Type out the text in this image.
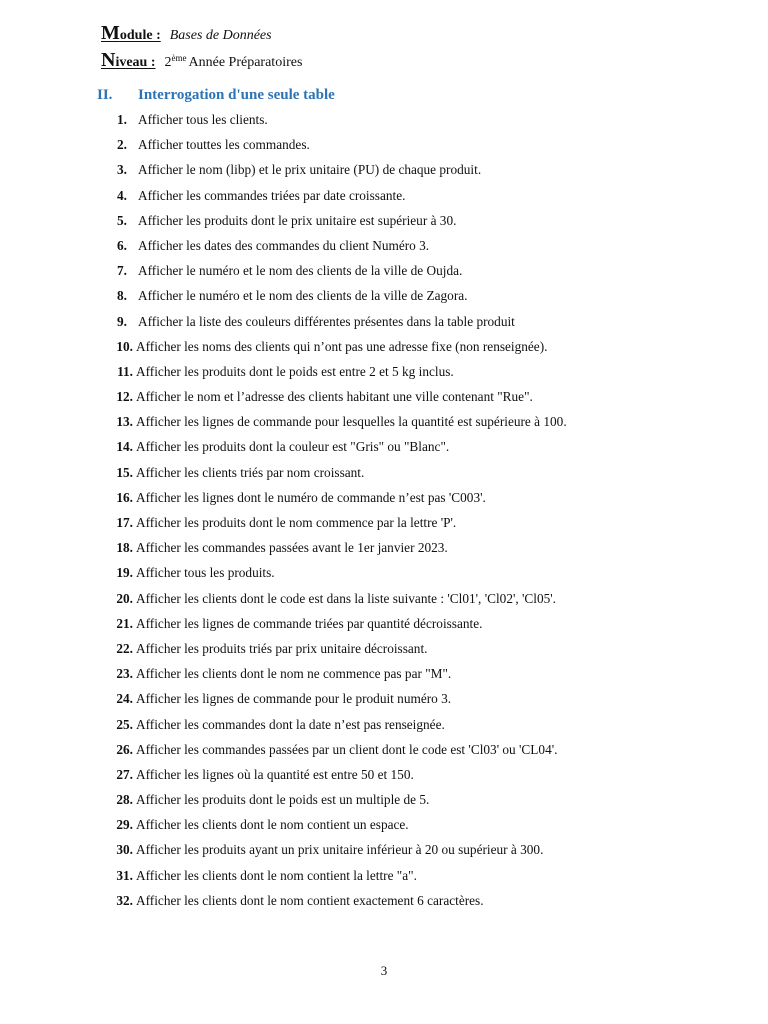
Module : Bases de Données
Niveau : 2ème Année Préparatoires
II.	Interrogation d'une seule table
1. Afficher tous les clients.
2. Afficher touttes les commandes.
3. Afficher le nom (libp) et le prix unitaire (PU) de chaque produit.
4. Afficher les commandes triées par date croissante.
5. Afficher les produits dont le prix unitaire est supérieur à 30.
6. Afficher les dates des commandes du client Numéro 3.
7. Afficher le numéro et le nom des clients de la ville de Oujda.
8. Afficher le numéro et le nom des clients de la ville de Zagora.
9. Afficher la liste des couleurs différentes présentes dans la table produit
10. Afficher les noms des clients qui n’ont pas une adresse fixe (non renseignée).
11. Afficher les produits dont le poids est entre 2 et 5 kg inclus.
12. Afficher le nom et l’adresse des clients habitant une ville contenant "Rue".
13. Afficher les lignes de commande pour lesquelles la quantité est supérieure à 100.
14. Afficher les produits dont la couleur est "Gris" ou "Blanc".
15. Afficher les clients triés par nom croissant.
16. Afficher les lignes dont le numéro de commande n’est pas 'C003'.
17. Afficher les produits dont le nom commence par la lettre 'P'.
18. Afficher les commandes passées avant le 1er janvier 2023.
19. Afficher tous les produits.
20. Afficher les clients dont le code est dans la liste suivante : 'Cl01', 'Cl02', 'Cl05'.
21. Afficher les lignes de commande triées par quantité décroissante.
22. Afficher les produits triés par prix unitaire décroissant.
23. Afficher les clients dont le nom ne commence pas par "M".
24. Afficher les lignes de commande pour le produit numéro 3.
25. Afficher les commandes dont la date n’est pas renseignée.
26. Afficher les commandes passées par un client dont le code est 'Cl03' ou 'CL04'.
27. Afficher les lignes où la quantité est entre 50 et 150.
28. Afficher les produits dont le poids est un multiple de 5.
29. Afficher les clients dont le nom contient un espace.
30. Afficher les produits ayant un prix unitaire inférieur à 20 ou supérieur à 300.
31. Afficher les clients dont le nom contient la lettre "a".
32. Afficher les clients dont le nom contient exactement 6 caractères.
3
